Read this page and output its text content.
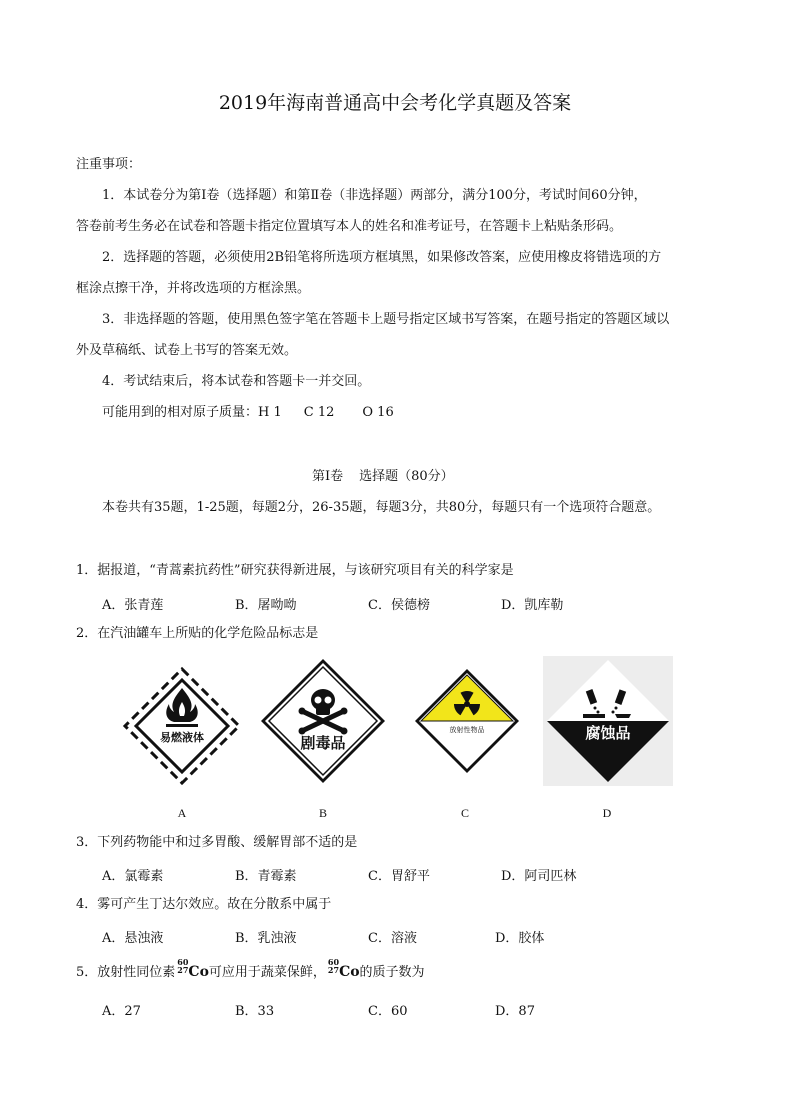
2019年海南普通高中会考化学真题及答案
注重事项：
1．本试卷分为第Ⅰ卷（选择题）和第Ⅱ卷（非选择题）两部分，满分100分，考试时间60分钟，
答卷前考生务必在试卷和答题卡指定位置填写本人的姓名和准考证号，在答题卡上粘贴条形码。
2．选择题的答题，必须使用2B铅笔将所选项方框填黑，如果修改答案，应使用橡皮将错选项的方
框涂点擦干净，并将改选项的方框涂黑。
3．非选择题的答题，使用黑色签字笔在答题卡上题号指定区域书写答案，在题号指定的答题区域以
外及草稿纸、试卷上书写的答案无效。
4．考试结束后，将本试卷和答题卡一并交回。
可能用到的相对原子质量：H 1 C 12 O 16
第Ⅰ卷 选择题（80分）
本卷共有35题，1-25题，每题2分，26-35题，每题3分，共80分，每题只有一个选项符合题意。
1．据报道，“青蒿素抗药性”研究获得新进展，与该研究项目有关的科学家是
A．张青莲	B．屠呦呦	C．侯德榜	D．凯库勒
2．在汽油罐车上所贴的化学危险品标志是
易燃液体
A
剧毒品
B
放射性物品
C
腐蚀品
D
3．下列药物能中和过多胃酸、缓解胃部不适的是
A．氯霉素	B．青霉素	C．胃舒平	D．阿司匹林
4．雾可产生丁达尔效应。故在分散系中属于
A．悬浊液	B．乳浊液	C．溶液	D．胶体
5．放射性同位素
60
27 Co可应用于蔬菜保鲜，
60
27 Co的质子数为
A．27	B．33	C．60	D．87
